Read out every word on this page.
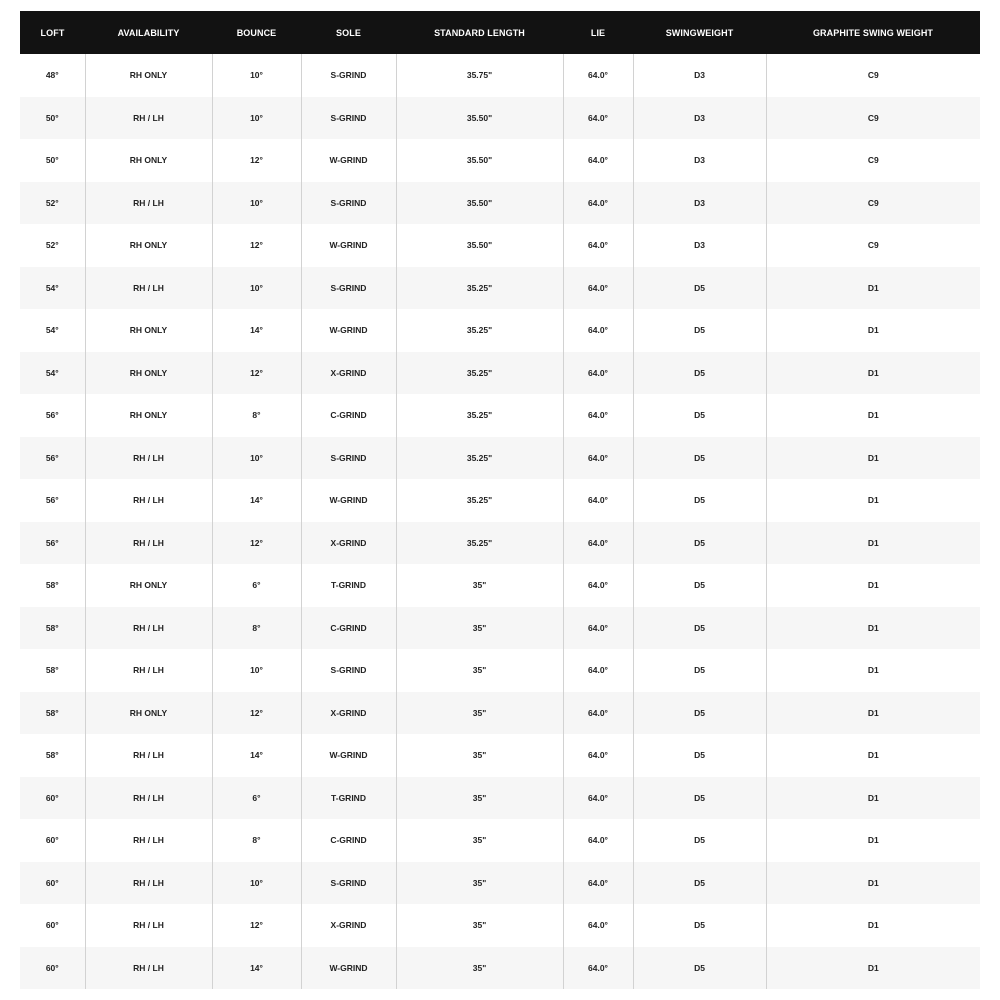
LOFT	AVAILABILITY	BOUNCE	SOLE	STANDARD LENGTH	LIE	SWINGWEIGHT	GRAPHITE SWING WEIGHT
48°	RH ONLY	10°	S-GRIND	35.75"	64.0°	D3	C9
50°	RH / LH	10°	S-GRIND	35.50"	64.0°	D3	C9
50°	RH ONLY	12°	W-GRIND	35.50"	64.0°	D3	C9
52°	RH / LH	10°	S-GRIND	35.50"	64.0°	D3	C9
52°	RH ONLY	12°	W-GRIND	35.50"	64.0°	D3	C9
54°	RH / LH	10°	S-GRIND	35.25"	64.0°	D5	D1
54°	RH ONLY	14°	W-GRIND	35.25"	64.0°	D5	D1
54°	RH ONLY	12°	X-GRIND	35.25"	64.0°	D5	D1
56°	RH ONLY	8°	C-GRIND	35.25"	64.0°	D5	D1
56°	RH / LH	10°	S-GRIND	35.25"	64.0°	D5	D1
56°	RH / LH	14°	W-GRIND	35.25"	64.0°	D5	D1
56°	RH / LH	12°	X-GRIND	35.25"	64.0°	D5	D1
58°	RH ONLY	6°	T-GRIND	35"	64.0°	D5	D1
58°	RH / LH	8°	C-GRIND	35"	64.0°	D5	D1
58°	RH / LH	10°	S-GRIND	35"	64.0°	D5	D1
58°	RH ONLY	12°	X-GRIND	35"	64.0°	D5	D1
58°	RH / LH	14°	W-GRIND	35"	64.0°	D5	D1
60°	RH / LH	6°	T-GRIND	35"	64.0°	D5	D1
60°	RH / LH	8°	C-GRIND	35"	64.0°	D5	D1
60°	RH / LH	10°	S-GRIND	35"	64.0°	D5	D1
60°	RH / LH	12°	X-GRIND	35"	64.0°	D5	D1
60°	RH / LH	14°	W-GRIND	35"	64.0°	D5	D1
